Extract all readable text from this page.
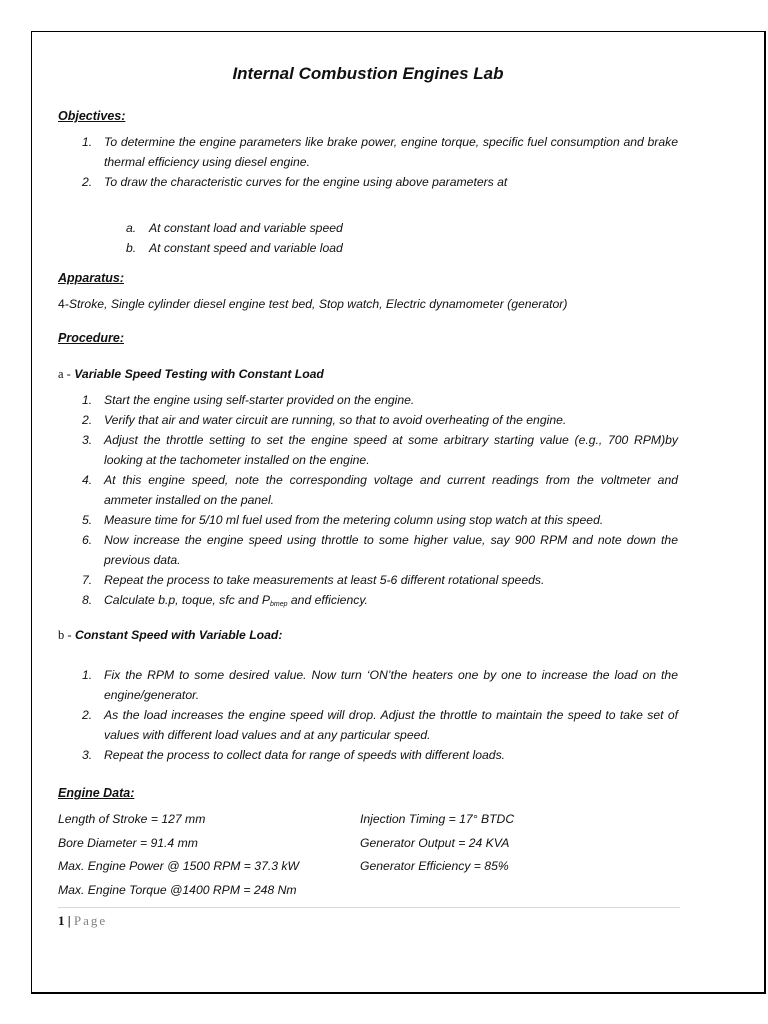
Internal Combustion Engines Lab
Objectives:
1. To determine the engine parameters like brake power, engine torque, specific fuel consumption and brake thermal efficiency using diesel engine.
2. To draw the characteristic curves for the engine using above parameters at
a. At constant load and variable speed
b. At constant speed and variable load
Apparatus:

4-Stroke, Single cylinder diesel engine test bed, Stop watch, Electric dynamometer (generator)

Procedure:
a - Variable Speed Testing with Constant Load
1. Start the engine using self-starter provided on the engine.
2. Verify that air and water circuit are running, so that to avoid overheating of the engine.
3. Adjust the throttle setting to set the engine speed at some arbitrary starting value (e.g., 700 RPM)by looking at the tachometer installed on the engine.
4. At this engine speed, note the corresponding voltage and current readings from the voltmeter and ammeter installed on the panel.
5. Measure time for 5/10 ml fuel used from the metering column using stop watch at this speed.
6. Now increase the engine speed using throttle to some higher value, say 900 RPM and note down the previous data.
7. Repeat the process to take measurements at least 5-6 different rotational speeds.
8. Calculate b.p, toque, sfc and $P_{bmep}$ and efficiency.
b - Constant Speed with Variable Load:
1. Fix the RPM to some desired value. Now turn ‘ON’the heaters one by one to increase the load on the engine/generator.
2. As the load increases the engine speed will drop. Adjust the throttle to maintain the speed to take set of values with different load values and at any particular speed.
3. Repeat the process to collect data for range of speeds with different loads.
Engine Data:
Length of Stroke = 127 mm	Injection Timing = 17° BTDC
Bore Diameter = 91.4 mm	Generator Output = 24 KVA
Max. Engine Power @ 1500 RPM = 37.3 kW	Generator Efficiency = 85%
Max. Engine Torque @1400 RPM = 248 Nm	
1 | Page
